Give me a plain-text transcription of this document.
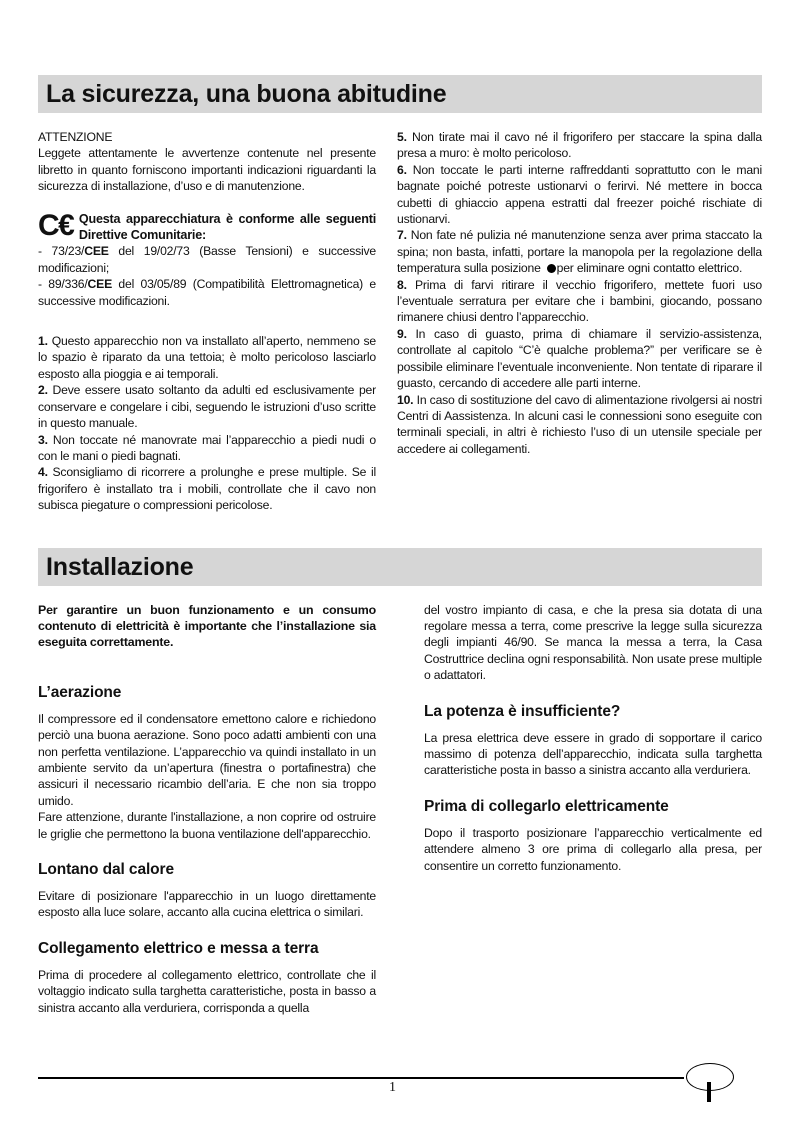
La sicurezza, una buona abitudine

ATTENZIONE

Leggete attentamente le avvertenze contenute nel presente libretto in quanto forniscono importanti indicazioni riguardanti la sicurezza di installazione, d’uso e di manutenzione.

C € Questa apparecchiatura è conforme alle seguenti Direttive Comunitarie:

- 73/23/CEE del 19/02/73 (Basse Tensioni) e successive modificazioni;

- 89/336/CEE del 03/05/89 (Compatibilità Elettromagnetica) e successive modificazioni.

1. Questo apparecchio non va installato all’aperto, nemmeno se lo spazio è riparato da una tettoia; è molto pericoloso lasciarlo esposto alla pioggia e ai temporali.

2. Deve essere usato soltanto da adulti ed esclusivamente per conservare e congelare i cibi, seguendo le istruzioni d’uso scritte in questo manuale.

3. Non toccate né manovrate mai l’apparecchio a piedi nudi o con le mani o piedi bagnati.

4. Sconsigliamo di ricorrere a prolunghe e prese multiple. Se il frigorifero è installato tra i mobili, controllate che il cavo non subisca piegature o compressioni pericolose.

5. Non tirate mai il cavo né il frigorifero per staccare la spina dalla presa a muro: è molto pericoloso.

6. Non toccate le parti interne raffreddanti soprattutto con le mani bagnate poiché potreste ustionarvi o ferirvi. Né mettere in bocca cubetti di ghiaccio appena estratti dal freezer poiché rischiate di ustionarvi.

7. Non fate né pulizia né manutenzione senza aver prima staccato la spina; non basta, infatti, portare la manopola per la regolazione della temperatura sulla posizione per eliminare ogni contatto elettrico.

8. Prima di farvi ritirare il vecchio frigorifero, mettete fuori uso l’eventuale serratura per evitare che i bambini, giocando, possano rimanere chiusi dentro l’apparecchio.

9. In caso di guasto, prima di chiamare il servizio-assistenza, controllate al capitolo “C’è qualche problema?” per verificare se è possibile eliminare l’eventuale inconveniente. Non tentate di riparare il guasto, cercando di accedere alle parti interne.

10. In caso di sostituzione del cavo di alimentazione rivolgersi ai nostri Centri di Aassistenza. In alcuni casi le connessioni sono eseguite con terminali speciali, in altri è richiesto l’uso di un utensile speciale per accedere ai collegamenti.

Installazione

Per garantire un buon funzionamento e un consumo contenuto di elettricità è importante che l’installazione sia eseguita correttamente.

L’aerazione

Il compressore ed il condensatore emettono calore e richiedono perciò una buona aerazione. Sono poco adatti ambienti con una non perfetta ventilazione. L’apparecchio va quindi installato in un ambiente servito da un’apertura (finestra o portafinestra) che assicuri il necessario ricambio dell’aria. E che non sia troppo umido.

Fare attenzione, durante l'installazione, a non coprire od ostruire le griglie che permettono la buona ventilazione dell'apparecchio.

Lontano dal calore

Evitare di posizionare l'apparecchio in un luogo direttamente esposto alla luce solare, accanto alla cucina elettrica o similari.

Collegamento elettrico e messa a terra

Prima di procedere al collegamento elettrico, controllate che il voltaggio indicato sulla targhetta caratteristiche, posta in basso a sinistra accanto alla verduriera, corrisponda a quella

del vostro impianto di casa, e che la presa sia dotata di una regolare messa a terra, come prescrive la legge sulla sicurezza degli impianti 46/90. Se manca la messa a terra, la Casa Costruttrice declina ogni responsabilità. Non usate prese multiple o adattatori.

La potenza è insufficiente?

La presa elettrica deve essere in grado di sopportare il carico massimo di potenza dell’apparecchio, indicata sulla targhetta caratteristiche posta in basso a sinistra accanto alla verduriera.

Prima di collegarlo elettricamente

Dopo il trasporto posizionare l’apparecchio verticalmente ed attendere almeno 3 ore prima di collegarlo alla presa, per consentire un corretto funzionamento.

1
